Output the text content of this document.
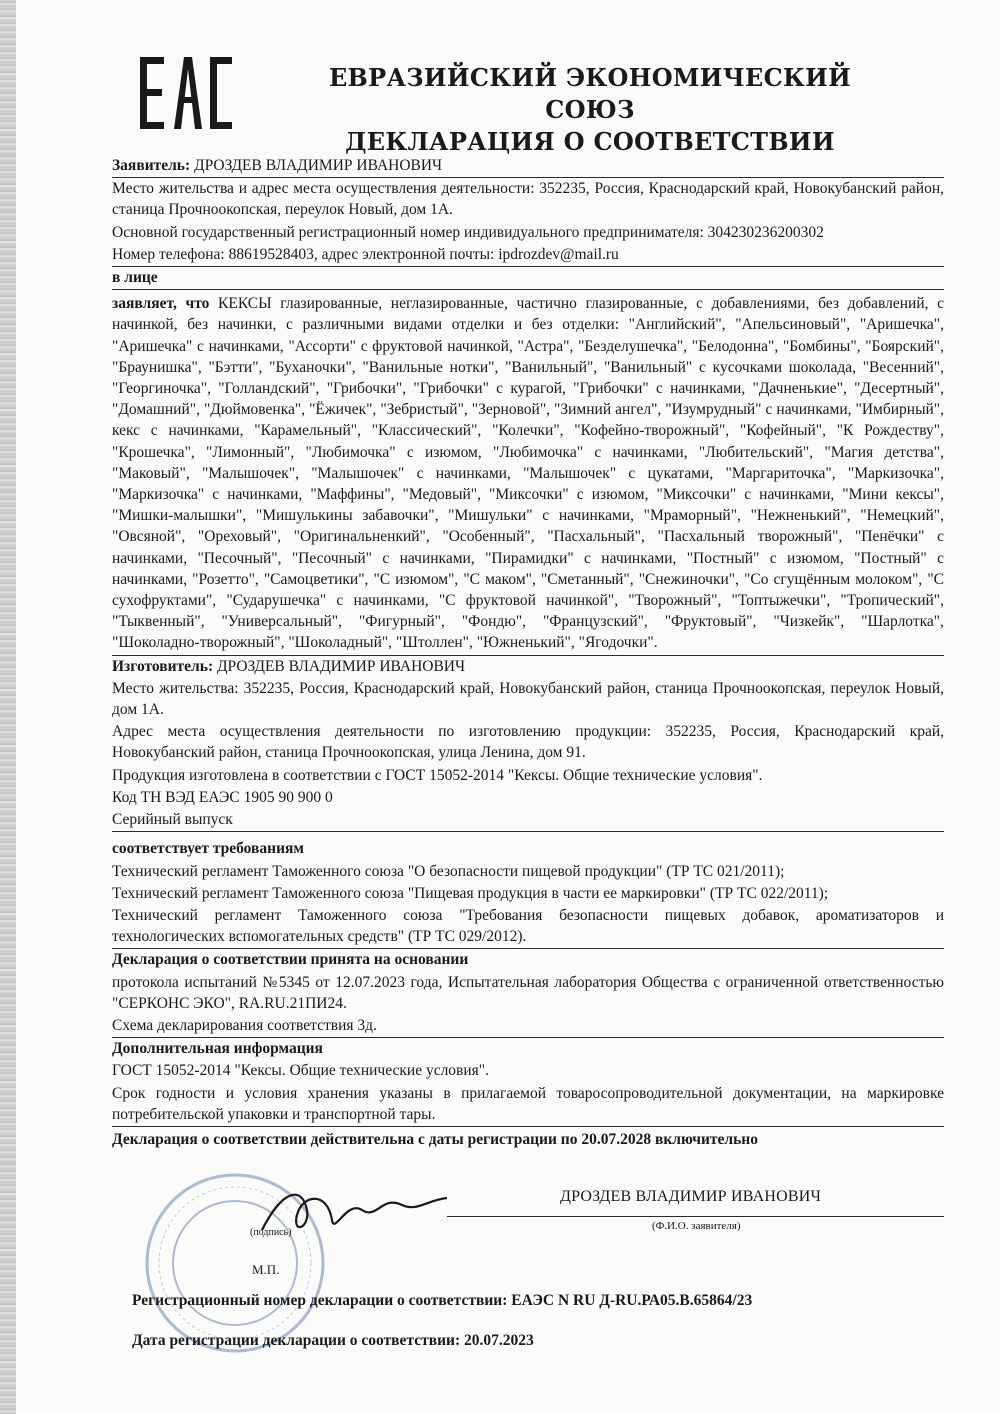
ЕВРАЗИЙСКИЙ ЭКОНОМИЧЕСКИЙ СОЮЗ
ДЕКЛАРАЦИЯ О СООТВЕТСТВИИ
Заявитель: ДРОЗДЕВ ВЛАДИМИР ИВАНОВИЧ
Место жительства и адрес места осуществления деятельности: 352235, Россия, Краснодарский край, Новокубанский район, станица Прочноокопская, переулок Новый, дом 1А.
Основной государственный регистрационный номер индивидуального предпринимателя: 304230236200302
Номер телефона: 88619528403, адрес электронной почты: ipdrozdev@mail.ru
в лице
заявляет, что КЕКСЫ глазированные, неглазированные, частично глазированные, с добавлениями, без добавлений, с начинкой, без начинки, с различными видами отделки и без отделки: "Английский", "Апельсиновый", "Аришечка", "Аришечка" с начинками, "Ассорти" с фруктовой начинкой, "Астра", "Безделушечка", "Белодонна", "Бомбины", "Боярский", "Браунишка", "Бэтти", "Буханочки", "Ванильные нотки", "Ванильный", "Ванильный" с кусочками шоколада, "Весенний", "Георгиночка", "Голландский", "Грибочки", "Грибочки" с курагой, "Грибочки" с начинками, "Дачненькие", "Десертный", "Домашний", "Дюймовенка", "Ёжичек", "Зебристый", "Зерновой", "Зимний ангел", "Изумрудный" с начинками, "Имбирный", кекс с начинками, "Карамельный", "Классический", "Колечки", "Кофейно-творожный", "Кофейный", "К Рождеству", "Крошечка", "Лимонный", "Любимочка" с изюмом, "Любимочка" с начинками, "Любительский", "Магия детства", "Маковый", "Малышочек", "Малышочек" с начинками, "Малышочек" с цукатами, "Маргариточка", "Маркизочка", "Маркизочка" с начинками, "Маффины", "Медовый", "Миксочки" с изюмом, "Миксочки" с начинками, "Мини кексы", "Мишки-малышки", "Мишулькины забавочки", "Мишульки" с начинками, "Мраморный", "Нежненький", "Немецкий", "Овсяной", "Ореховый", "Оригинальненкий", "Особенный", "Пасхальный", "Пасхальный творожный", "Пенёчки" с начинками, "Песочный", "Песочный" с начинками, "Пирамидки" с начинками, "Постный" с изюмом, "Постный" с начинками, "Розетто", "Самоцветики", "С изюмом", "С маком", "Сметанный", "Снежиночки", "Со сгущённым молоком", "С сухофруктами", "Сударушечка" с начинками, "С фруктовой начинкой", "Творожный", "Топтыжечки", "Тропический", "Тыквенный", "Универсальный", "Фигурный", "Фондю", "Французский", "Фруктовый", "Чизкейк", "Шарлотка", "Шоколадно-творожный", "Шоколадный", "Штоллен", "Южненький", "Ягодочки".
Изготовитель: ДРОЗДЕВ ВЛАДИМИР ИВАНОВИЧ
Место жительства: 352235, Россия, Краснодарский край, Новокубанский район, станица Прочноокопская, переулок Новый, дом 1А.
Адрес места осуществления деятельности по изготовлению продукции: 352235, Россия, Краснодарский край, Новокубанский район, станица Прочноокопская, улица Ленина, дом 91.
Продукция изготовлена в соответствии с ГОСТ 15052-2014 "Кексы. Общие технические условия".
Код ТН ВЭД ЕАЭС 1905 90 900 0
Серийный выпуск
соответствует требованиям
Технический регламент Таможенного союза "О безопасности пищевой продукции" (ТР ТС 021/2011);
Технический регламент Таможенного союза "Пищевая продукция в части ее маркировки" (ТР ТС 022/2011);
Технический регламент Таможенного союза "Требования безопасности пищевых добавок, ароматизаторов и технологических вспомогательных средств" (ТР ТС 029/2012).
Декларация о соответствии принята на основании
протокола испытаний №5345 от 12.07.2023 года, Испытательная лаборатория Общества с ограниченной ответственностью "СЕРКОНС ЭКО", RA.RU.21ПИ24.
Схема декларирования соответствия 3д.
Дополнительная информация
ГОСТ 15052-2014 "Кексы. Общие технические условия".
Срок годности и условия хранения указаны в прилагаемой товаросопроводительной документации, на маркировке потребительской упаковки и транспортной тары.
Декларация о соответствии действительна с даты регистрации по 20.07.2028 включительно
ДРОЗДЕВ ВЛАДИМИР ИВАНОВИЧ
(Ф.И.О. заявителя)
(подпись)
М.П.
Регистрационный номер декларации о соответствии: ЕАЭС N RU Д-RU.РА05.В.65864/23
Дата регистрации декларации о соответствии: 20.07.2023
